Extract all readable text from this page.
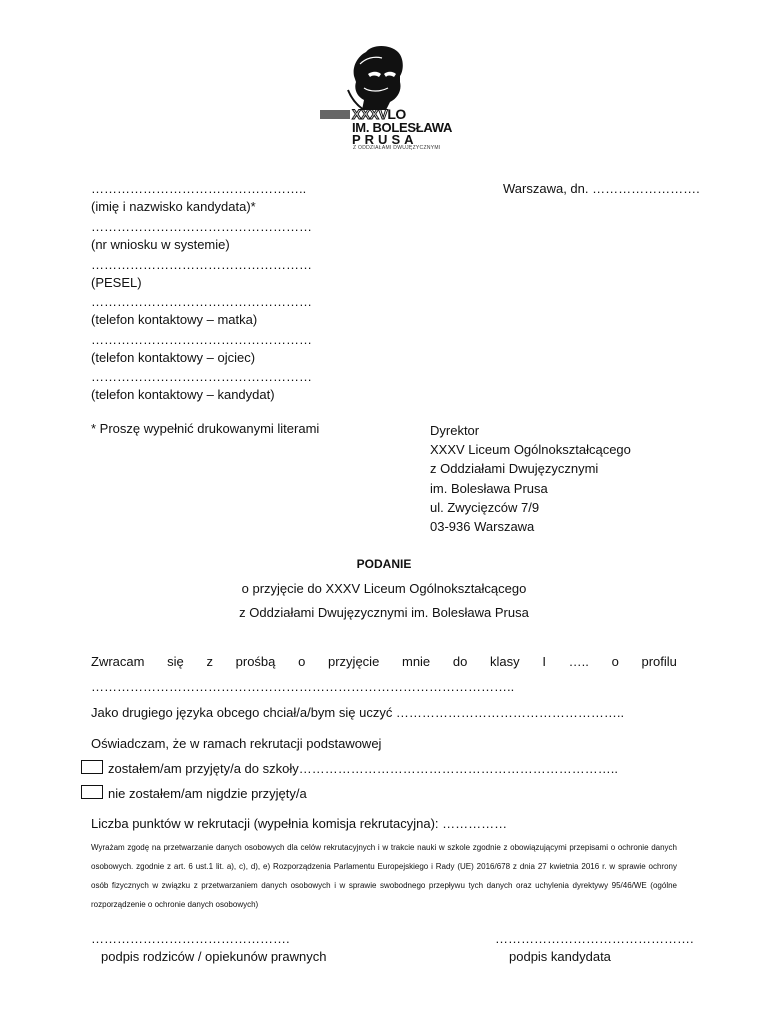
XXXVLO
IM. BOLESŁAWA
PRUSA
Z ODDZIAŁAMI DWUJĘZYCZNYMI
Warszawa, dn. …………………….
…………………………………………..
(imię i nazwisko kandydata)*
……………………………………………
(nr wniosku w systemie)
……………………………………………
(PESEL)
……………………………………………
(telefon kontaktowy – matka)
……………………………………………
(telefon kontaktowy – ojciec)
……………………………………………
(telefon kontaktowy – kandydat)
* Proszę wypełnić drukowanymi literami	Dyrektor
XXXV Liceum Ogólnokształcącego
z Oddziałami Dwujęzycznymi
im. Bolesława Prusa
ul. Zwycięzców 7/9
03-936 Warszawa
PODANIE
o przyjęcie do XXXV Liceum Ogólnokształcącego
z Oddziałami Dwujęzycznymi im. Bolesława Prusa
Zwracam się z prośbą o przyjęcie mnie do klasy I ….. o profilu
……………………………………………………………………………………..
Jako drugiego języka obcego chciał/a/bym się uczyć ……………………………………………..
Oświadczam, że w ramach rekrutacji podstawowej
zostałem/am przyjęty/a do szkoły………………………………………………………………..
nie zostałem/am nigdzie przyjęty/a
Liczba punktów w rekrutacji (wypełnia komisja rekrutacyjna): ……………
Wyrażam zgodę na przetwarzanie danych osobowych dla celów rekrutacyjnych i w trakcie nauki w szkole zgodnie z obowiązującymi przepisami o ochronie danych osobowych. zgodnie z art. 6 ust.1 lit. a), c), d), e) Rozporządzenia Parlamentu Europejskiego i Rady (UE) 2016/678 z dnia 27 kwietnia 2016 r. w sprawie ochrony osób fizycznych w związku z przetwarzaniem danych osobowych i w sprawie swobodnego przepływu tych danych oraz uchylenia dyrektywy 95/46/WE (ogólne rozporządzenie o ochronie danych osobowych)
……………………………………….
podpis rodziców / opiekunów prawnych
……………………………………….
podpis kandydata
